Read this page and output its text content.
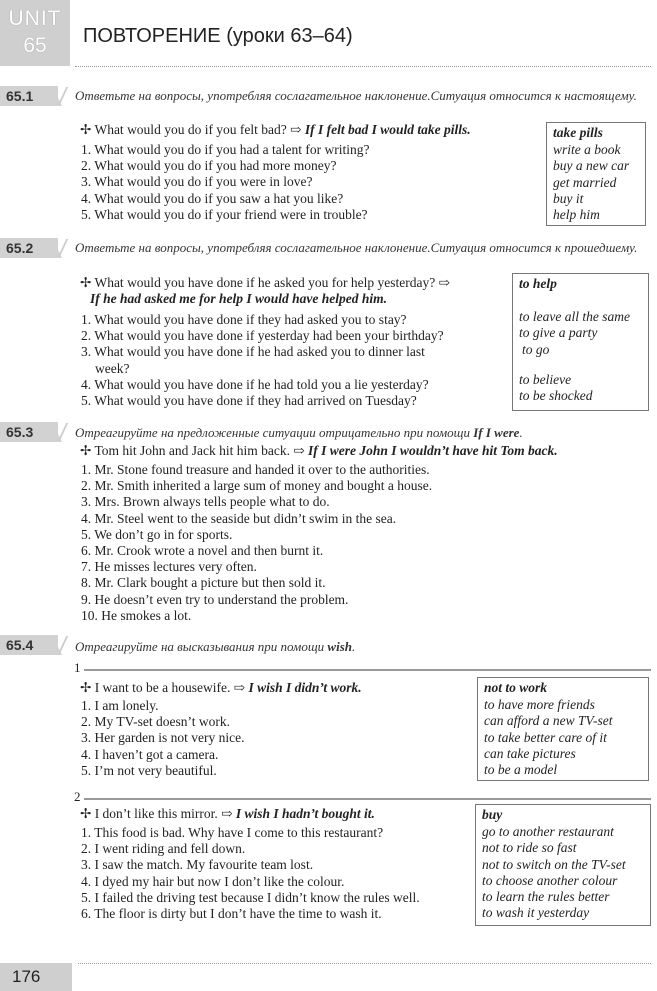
UNIT
65	ПОВТОРЕНИЕ (уроки 63–64)
65.1	Ответьте на вопросы, употребляя сослагательное наклонение.Ситуация относится к настоящему.
✢ What would you do if you felt bad? ⇨ If I felt bad I would take pills.
1. What would you do if you had a talent for writing?
2. What would you do if you had more money?
3. What would you do if you were in love?
4. What would you do if you saw a hat you like?
5. What would you do if your friend were in trouble?
take pills
write a book
buy a new car
get married
buy it
help him
65.2	Ответьте на вопросы, употребляя сослагательное наклонение.Ситуация относится к прошедшему.
✢ What would you have done if he asked you for help yesterday? ⇨
If he had asked me for help I would have helped him.
1. What would you have done if they had asked you to stay?
2. What would you have done if yesterday had been your birthday?
3. What would you have done if he had asked you to dinner last
week?
4. What would you have done if he had told you a lie yesterday?
5. What would you have done if they had arrived on Tuesday?
to help
to leave all the same
to give a party
to go
to believe
to be shocked
65.3	Отреагируйте на предложенные ситуации отрицательно при помощи If I were.
✢ Tom hit John and Jack hit him back. ⇨ If I were John I wouldn’t have hit Tom back.
1. Mr. Stone found treasure and handed it over to the authorities.
2. Mr. Smith inherited a large sum of money and bought a house.
3. Mrs. Brown always tells people what to do.
4. Mr. Steel went to the seaside but didn’t swim in the sea.
5. We don’t go in for sports.
6. Mr. Crook wrote a novel and then burnt it.
7. He misses lectures very often.
8. Mr. Clark bought a picture but then sold it.
9. He doesn’t even try to understand the problem.
10. He smokes a lot.
65.4	Отреагируйте на высказывания при помощи wish.
1
✢ I want to be a housewife. ⇨ I wish I didn’t work.
1. I am lonely.
2. My TV-set doesn’t work.
3. Her garden is not very nice.
4. I haven’t got a camera.
5. I’m not very beautiful.
not to work
to have more friends
can afford a new TV-set
to take better care of it
can take pictures
to be a model
2
✢ I don’t like this mirror. ⇨ I wish I hadn’t bought it.
1. This food is bad. Why have I come to this restaurant?
2. I went riding and fell down.
3. I saw the match. My favourite team lost.
4. I dyed my hair but now I don’t like the colour.
5. I failed the driving test because I didn’t know the rules well.
6. The floor is dirty but I don’t have the time to wash it.
buy
go to another restaurant
not to ride so fast
not to switch on the TV-set
to choose another colour
to learn the rules better
to wash it yesterday
176
